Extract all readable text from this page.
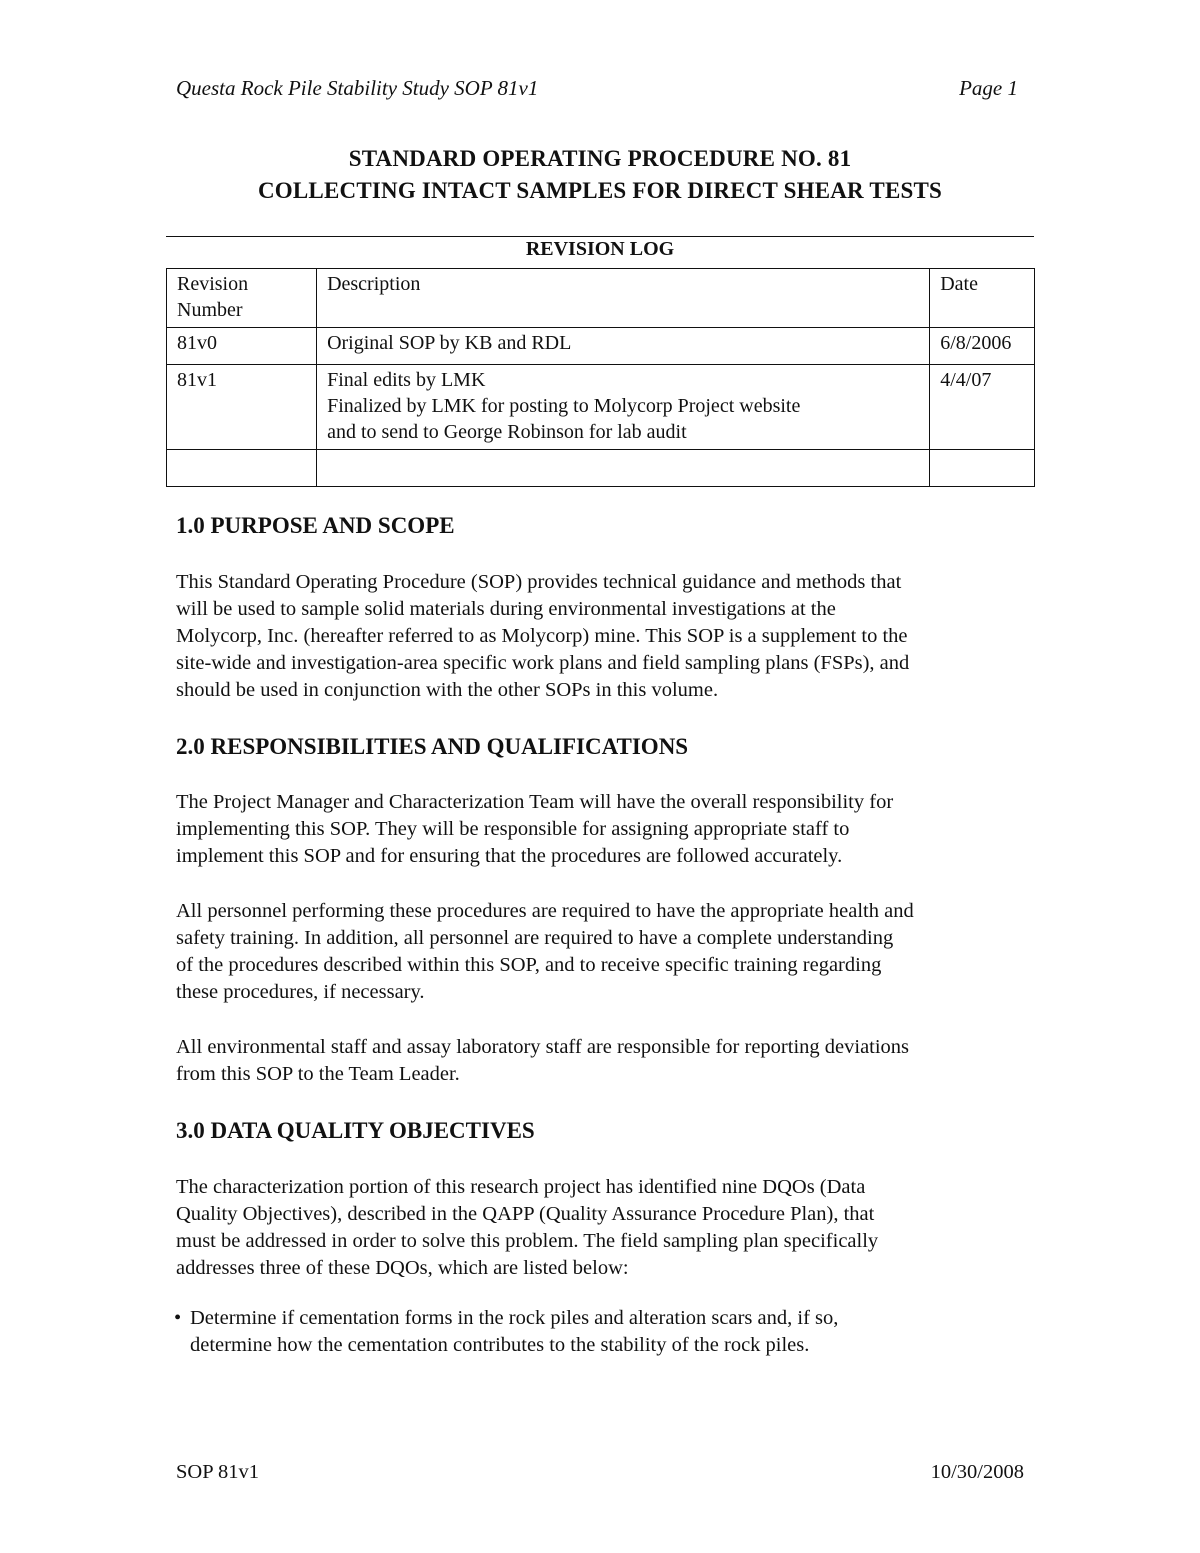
Questa Rock Pile Stability Study SOP 81v1	Page 1
STANDARD OPERATING PROCEDURE NO. 81
COLLECTING INTACT SAMPLES FOR DIRECT SHEAR TESTS
REVISION LOG
Revision
Number	Description	Date
81v0	Original SOP by KB and RDL	6/8/2006
81v1	Final edits by LMK
Finalized by LMK for posting to Molycorp Project website
and to send to George Robinson for lab audit	4/4/07

1.0 PURPOSE AND SCOPE
This Standard Operating Procedure (SOP) provides technical guidance and methods that
will be used to sample solid materials during environmental investigations at the
Molycorp, Inc. (hereafter referred to as Molycorp) mine. This SOP is a supplement to the
site-wide and investigation-area specific work plans and field sampling plans (FSPs), and
should be used in conjunction with the other SOPs in this volume.
2.0 RESPONSIBILITIES AND QUALIFICATIONS
The Project Manager and Characterization Team will have the overall responsibility for
implementing this SOP. They will be responsible for assigning appropriate staff to
implement this SOP and for ensuring that the procedures are followed accurately.
All personnel performing these procedures are required to have the appropriate health and
safety training. In addition, all personnel are required to have a complete understanding
of the procedures described within this SOP, and to receive specific training regarding
these procedures, if necessary.
All environmental staff and assay laboratory staff are responsible for reporting deviations
from this SOP to the Team Leader.
3.0 DATA QUALITY OBJECTIVES
The characterization portion of this research project has identified nine DQOs (Data
Quality Objectives), described in the QAPP (Quality Assurance Procedure Plan), that
must be addressed in order to solve this problem. The field sampling plan specifically
addresses three of these DQOs, which are listed below:
• Determine if cementation forms in the rock piles and alteration scars and, if so,
determine how the cementation contributes to the stability of the rock piles.
SOP 81v1	10/30/2008
